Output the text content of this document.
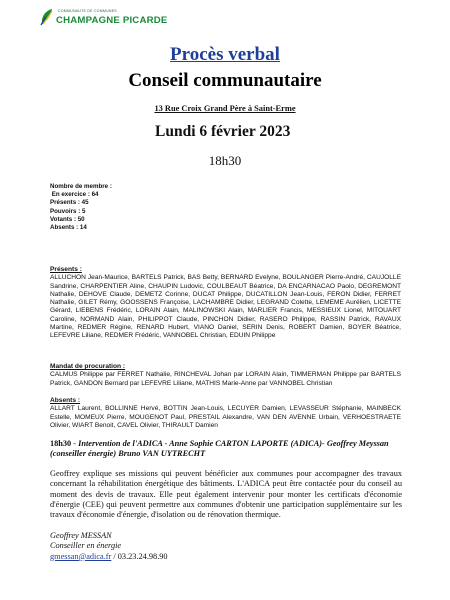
COMMUNAUTE DE COMMUNES
CHAMPAGNE PICARDE
Procès verbal
Conseil communautaire
13 Rue Croix Grand Père à Saint-Erme
Lundi 6 février 2023
18h30
Nombre de membre :
En exercice : 64
Présents : 45
Pouvoirs : 5
Votants : 50
Absents : 14
Présents :
ALLUCHON Jean-Maurice, BARTELS Patrick, BAS Betty, BERNARD Evelyne, BOULANGER Pierre-André, CAUJOLLE Sandrine, CHARPENTIER Aline, CHAUPIN Ludovic, COULBEAUT Béatrice, DA ENCARNACAO Paolo, DEGREMONT Nathalie, DEHOVE Claude, DEMETZ Corinne, DUCAT Philippe, DUCATILLON Jean-Louis, FERON Didier, FERRET Nathalie, GILET Rémy, GOOSSENS Françoise, LACHAMBRE Didier, LEGRAND Colette, LEMEME Aurélien, LICETTE Gérard, LIEBENS Frédéric, LORAIN Alain, MALINOWSKI Alain, MARLIER Francis, MESSIEUX Lionel, MITOUART Caroline, NORMAND Alain, PHILIPPOT Claude, PINCHON Didier, RASERO Philippe, RASSIN Patrick, RAVAUX Martine, REDMER Régine, RENARD Hubert, VIANO Daniel, SERIN Denis, ROBERT Damien, BOYER Béatrice, LEFEVRE Liliane, REDMER Frédéric, VANNOBEL Christian, EDUIN Philippe
Mandat de procuration :
CALMUS Philippe par FERRET Nathalie, RINCHEVAL Johan par LORAIN Alain, TIMMERMAN Philippe par BARTELS Patrick, GANDON Bernard par LEFEVRE Liliane, MATHIS Marie-Anne par VANNOBEL Christian
Absents :
ALLART Laurent, BOLLINNE Hervé, BOTTIN Jean-Louis, LECUYER Damien, LEVASSEUR Stéphanie, MAINBECK Estelle, MOMEUX Pierre, MOUGENOT Paul, PRESTAIL Alexandre, VAN DEN AVENNE Urbain, VERHOESTRAETE Olivier, WIART Benoit, CAVEL Olivier, THIRAULT Damien
18h30 - Intervention de l'ADICA - Anne Sophie CARTON LAPORTE (ADICA)- Geoffrey Meyssan (conseiller énergie) Bruno VAN UYTRECHT
Geoffrey explique ses missions qui peuvent bénéficier aux communes pour accompagner des travaux concernant la réhabilitation énergétique des bâtiments. L'ADICA peut être contactée pour du conseil au moment des devis de travaux. Elle peut également intervenir pour monter les certificats d'économie d'énergie (CEE) qui peuvent permettre aux communes d'obtenir une participation supplémentaire sur les travaux d'économie d'énergie, d'isolation ou de rénovation thermique.
Geoffrey MESSAN
Conseiller en énergie
gmessan@adica.fr / 03.23.24.98.90
